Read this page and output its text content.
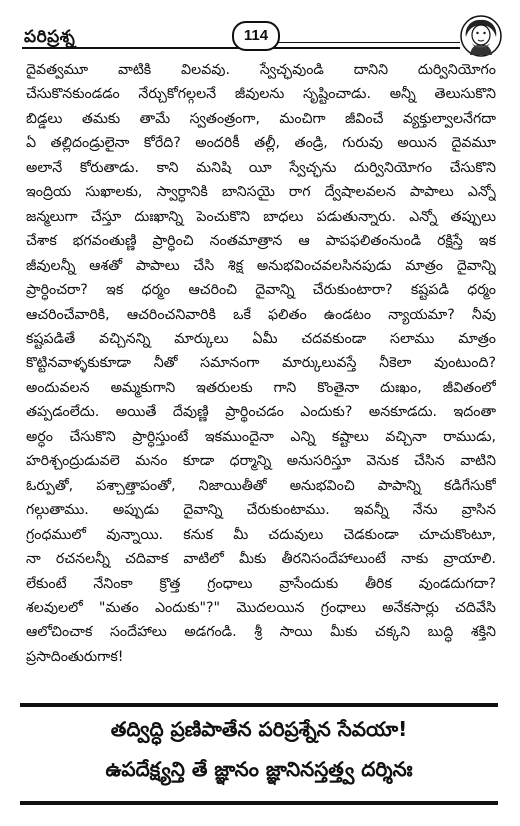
పరిప్రశ్న	114
దైవత్వమూ వాటికి విలవవు. స్వేచ్ఛవుండి దానిని దుర్వినియోగం
చేసుకొనకుండడం నేర్చుకోగల్గలనే జీవులను సృష్టించాడు. అన్నీ తెలుసుకొని
బిడ్డలు తమకు తామే స్వతంత్రంగా, మంచిగా జీవించే వ్యక్తుల్వాలనేగదా
ఏ తల్లిదండ్రులైనా కోరేది? అందరికీ తల్లీ, తండ్రి, గురువు అయిన దైవమూ
అలానే కోరుతాడు. కాని మనిషి యీ స్వేచ్ఛను దుర్వినియోగం చేసుకొని
ఇంద్రియ సుఖాలకు, స్వార్ధానికి బానిసయై రాగ ద్వేషాలవలన పాపాలు ఎన్నో
జన్మలుగా చేస్తూ దుఃఖాన్ని పెంచుకొని బాధలు పడుతున్నారు. ఎన్నో తప్పులు
చేశాక భగవంతుణ్ణి ప్రార్ధించి నంతమాత్రాన ఆ పాపఫలితంనుండి రక్షిస్తే ఇక
జీవులన్నీ ఆశతో పాపాలు చేసి శిక్ష అనుభవించవలసినపుడు మాత్రం దైవాన్ని
ప్రార్ధించరా? ఇక ధర్మం ఆచరించి దైవాన్ని చేరుకుంటారా? కష్టపడి ధర్మం
ఆచరించేవారికి, ఆచరించనివారికి ఒకే ఫలితం ఉండటం న్యాయమా? నీవు
కష్టపడితే వచ్చినన్ని మార్కులు ఏమీ చదవకుండా సలాము మాత్రం
కొట్టినవాళ్ళకుకూడా నీతో సమానంగా మార్కులువస్తే నీకెలా వుంటుంది?
అందువలన అమ్మకుగాని ఇతరులకు గాని కొంతైనా దుఃఖం, జీవితంలో
తప్పడంలేదు. అయితే దేవుణ్ణి ప్రార్థించడం ఎందుకు? అనకూడదు. ఇదంతా
అర్ధం చేసుకొని ప్రార్ధిస్తుంటే ఇకముందైనా ఎన్ని కష్టాలు వచ్చినా రాముడు,
హరిశ్చంద్రుడువలె మనం కూడా ధర్మాన్ని అనుసరిస్తూ వెనుక చేసిన వాటిని
ఓర్పుతో, పశ్చాత్తాపంతో, నిజాయితీతో అనుభవించి పాపాన్ని కడిగేసుకో
గల్గుతాము. అప్పుడు దైవాన్ని చేరుకుంటాము. ఇవన్నీ నేను వ్రాసిన
గ్రంధములో వున్నాయి. కనుక మీ చదువులు చెడకుండా చూచుకొంటూ,
నా రచనలన్నీ చదివాక వాటిలో మీకు తీరనిసందేహాలుంటే నాకు వ్రాయాలి.
లేకుంటే నేనింకా క్రొత్త గ్రంధాలు వ్రాసేందుకు తీరిక వుండదుగదా?
శలవులలో "మతం ఎందుకు"?" మొదలయిన గ్రంధాలు అనేకసార్లు చదివేసి
ఆలోచించాక సందేహాలు అడగండి. శ్రీ సాయి మీకు చక్కని బుద్ధి శక్తిని
ప్రసాదింతురుగాక!
తద్విద్ధి ప్రణిపాతేన పరిప్రశ్నేన సేవయా!
ఉపదేక్ష్యన్తి తే జ్ఞానం జ్ఞానినస్తత్త్వ దర్శినః
